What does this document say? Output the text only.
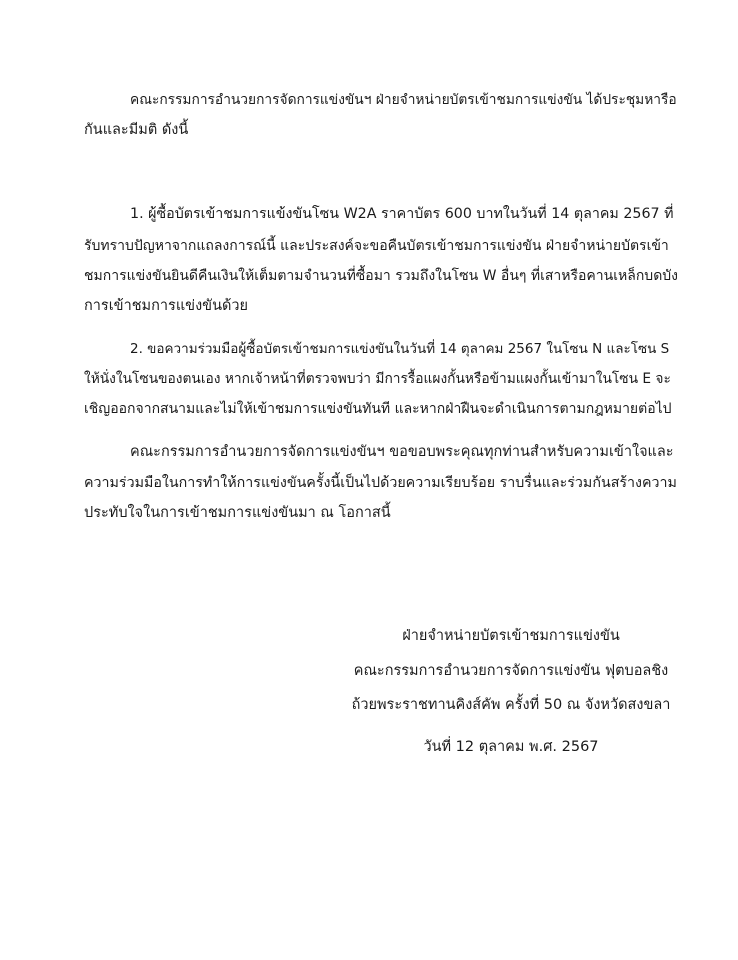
คณะกรรมการอำนวยการจัดการแข่งขันฯ ฝ่ายจำหน่ายบัตรเข้าชมการแข่งขัน ได้ประชุมหารือ
กันและมีมติ ดังนี้
1. ผู้ซื้อบัตรเข้าชมการแข้งขันโซน W2A ราคาบัตร 600 บาทในวันที่ 14 ตุลาคม 2567 ที่
รับทราบปัญหาจากแถลงการณ์นี้ และประสงค์จะขอคืนบัตรเข้าชมการแข่งขัน ฝ่ายจำหน่ายบัตรเข้า
ชมการแข่งขันยินดีคืนเงินให้เต็มตามจำนวนที่ซื้อมา รวมถึงในโซน W อื่นๆ ที่เสาหรือคานเหล็กบดบัง
การเข้าชมการแข่งขันด้วย
2. ขอความร่วมมือผู้ซื้อบัตรเข้าชมการแข่งขันในวันที่ 14 ตุลาคม 2567 ในโซน N และโซน S
ให้นั่งในโซนของตนเอง หากเจ้าหน้าที่ตรวจพบว่า มีการรื้อแผงกั้นหรือข้ามแผงกั้นเข้ามาในโซน E จะ
เชิญออกจากสนามและไม่ให้เข้าชมการแข่งขันทันที และหากฝ่าฝืนจะดำเนินการตามกฎหมายต่อไป
คณะกรรมการอำนวยการจัดการแข่งขันฯ ขอขอบพระคุณทุกท่านสำหรับความเข้าใจและ
ความร่วมมือในการทำให้การแข่งขันครั้งนี้เป็นไปด้วยความเรียบร้อย ราบรื่นและร่วมกันสร้างความ
ประทับใจในการเข้าชมการแข่งขันมา ณ โอกาสนี้
ฝ่ายจำหน่ายบัตรเข้าชมการแข่งขัน
คณะกรรมการอำนวยการจัดการแข่งขัน ฟุตบอลชิง
ถ้วยพระราชทานคิงส์คัพ ครั้งที่ 50 ณ จังหวัดสงขลา
วันที่ 12 ตุลาคม พ.ศ. 2567
